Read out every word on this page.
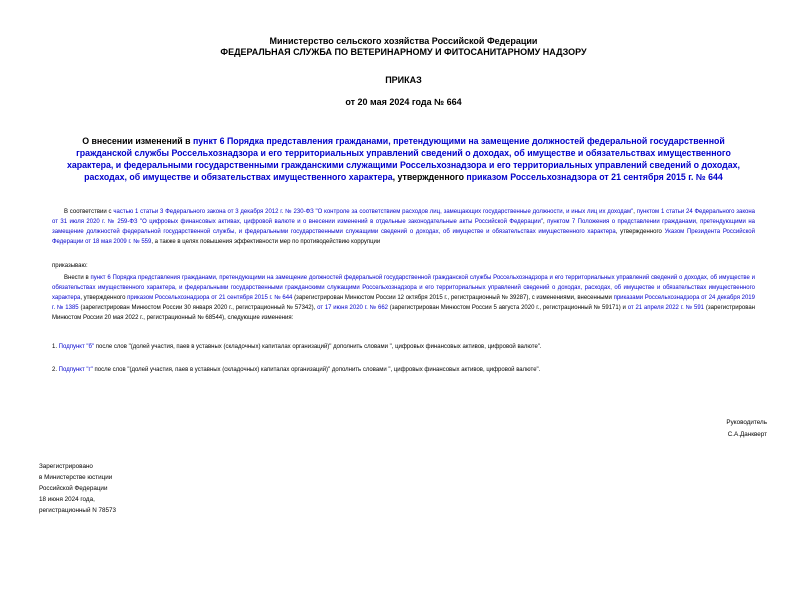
Министерство сельского хозяйства Российской Федерации
ФЕДЕРАЛЬНАЯ СЛУЖБА ПО ВЕТЕРИНАРНОМУ И ФИТОСАНИТАРНОМУ НАДЗОРУ
ПРИКАЗ
от 20 мая 2024 года № 664
О внесении изменений в пункт 6 Порядка представления гражданами, претендующими на замещение должностей федеральной государственной гражданской службы Россельхознадзора и его территориальных управлений сведений о доходах, об имуществе и обязательствах имущественного характера, и федеральными государственными гражданскими служащими Россельхознадзора и его территориальных управлений сведений о доходах, расходах, об имуществе и обязательствах имущественного характера, утвержденного приказом Россельхознадзора от 21 сентября 2015 г. № 644
В соответствии с частью 1 статьи 3 Федерального закона от 3 декабря 2012 г. № 230-ФЗ "О контроле за соответствием расходов лиц, замещающих государственные должности, и иных лиц их доходам", пунктом 1 статьи 24 Федерального закона от 31 июля 2020 г. № 259-ФЗ "О цифровых финансовых активах, цифровой валюте и о внесении изменений в отдельные законодательные акты Российской Федерации", пунктом 7 Положения о представлении гражданами, претендующими на замещение должностей федеральной государственной службы, и федеральными государственными служащими сведений о доходах, об имуществе и обязательствах имущественного характера, утвержденного Указом Президента Российской Федерации от 18 мая 2009 г. № 559, а также в целях повышения эффективности мер по противодействию коррупции
приказываю:
Внести в пункт 6 Порядка представления гражданами, претендующими на замещение должностей федеральной государственной гражданской службы Россельхознадзора и его территориальных управлений сведений о доходах, об имуществе и обязательствах имущественного характера, и федеральными государственными гражданскими служащими Россельхознадзора и его территориальных управлений сведений о доходах, расходах, об имуществе и обязательствах имущественного характера, утвержденного приказом Россельхознадзора от 21 сентября 2015 г. № 644 (зарегистрирован Минюстом России 12 октября 2015 г., регистрационный № 39287), с изменениями, внесенными приказами Россельхознадзора от 24 декабря 2019 г. № 1385 (зарегистрирован Минюстом России 30 января 2020 г., регистрационный № 57342), от 17 июня 2020 г. № 662 (зарегистрирован Минюстом России 5 августа 2020 г., регистрационный № 59171) и от 21 апреля 2022 г. № 591 (зарегистрирован Минюстом России 20 мая 2022 г., регистрационный № 68544), следующие изменения:
1. Подпункт "б" после слов "(долей участия, паев в уставных (складочных) капиталах организаций)" дополнить словами ", цифровых финансовых активов, цифровой валюте".
2. Подпункт "г" после слов "(долей участия, паев в уставных (складочных) капиталах организаций)" дополнить словами ", цифровых финансовых активов, цифровой валюте".
Руководитель
С.А.Данкверт
Зарегистрировано
в Министерстве юстиции
Российской Федерации
18 июня 2024 года,
регистрационный N 78573
